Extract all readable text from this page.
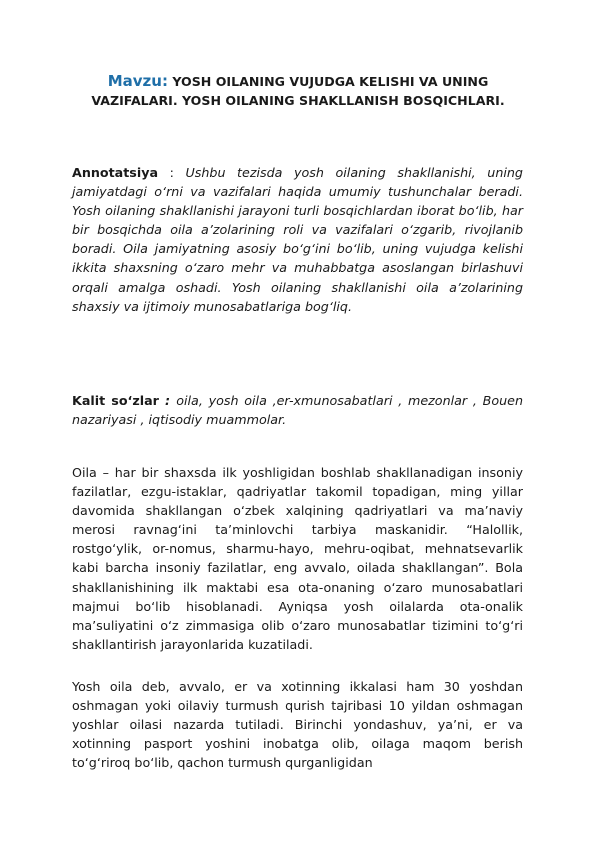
Mavzu: YOSH OILANING VUJUDGA KELISHI VA UNING VAZIFALARI. YOSH OILANING SHAKLLANISH BOSQICHLARI.
Annotatsiya : Ushbu tezisda yosh oilaning shakllanishi, uning jamiyatdagi o‘rni va vazifalari haqida umumiy tushunchalar beradi. Yosh oilaning shakllanishi jarayoni turli bosqichlardan iborat bo‘lib, har bir bosqichda oila a’zolarining roli va vazifalari o‘zgarib, rivojlanib boradi. Oila jamiyatning asosiy bo‘g‘ini bo‘lib, uning vujudga kelishi ikkita shaxsning o‘zaro mehr va muhabbatga asoslangan birlashuvi orqali amalga oshadi. Yosh oilaning shakllanishi oila a’zolarining shaxsiy va ijtimoiy munosabatlariga bog‘liq.
Kalit so‘zlar : oila, yosh oila ,er-xmunosabatlari , mezonlar , Bouen nazariyasi , iqtisodiy muammolar.
Oila – har bir shaxsda ilk yoshligidan boshlab shakllanadigan insoniy fazilatlar, ezgu-istaklar, qadriyatlar takomil topadigan, ming yillar davomida shakllangan o‘zbek xalqining qadriyatlari va ma’naviy merosi ravnag‘ini ta’minlovchi tarbiya maskanidir. “Halollik, rostgo‘ylik, or-nomus, sharmu-hayo, mehru-oqibat, mehnatsevarlik kabi barcha insoniy fazilatlar, eng avvalo, oilada shakllangan”. Bola shakllanishining ilk maktabi esa ota-onaning o‘zaro munosabatlari majmui bo‘lib hisoblanadi. Ayniqsa yosh oilalarda ota-onalik ma’suliyatini o‘z zimmasiga olib o‘zaro munosabatlar tizimini to‘g‘ri shakllantirish jarayonlarida kuzatiladi.
Yosh oila deb, avvalo, er va xotinning ikkalasi ham 30 yoshdan oshmagan yoki oilaviy turmush qurish tajribasi 10 yildan oshmagan yoshlar oilasi nazarda tutiladi. Birinchi yondashuv, ya’ni, er va xotinning pasport yoshini inobatga olib, oilaga maqom berish to‘g‘riroq bo‘lib, qachon turmush qurganligidan
